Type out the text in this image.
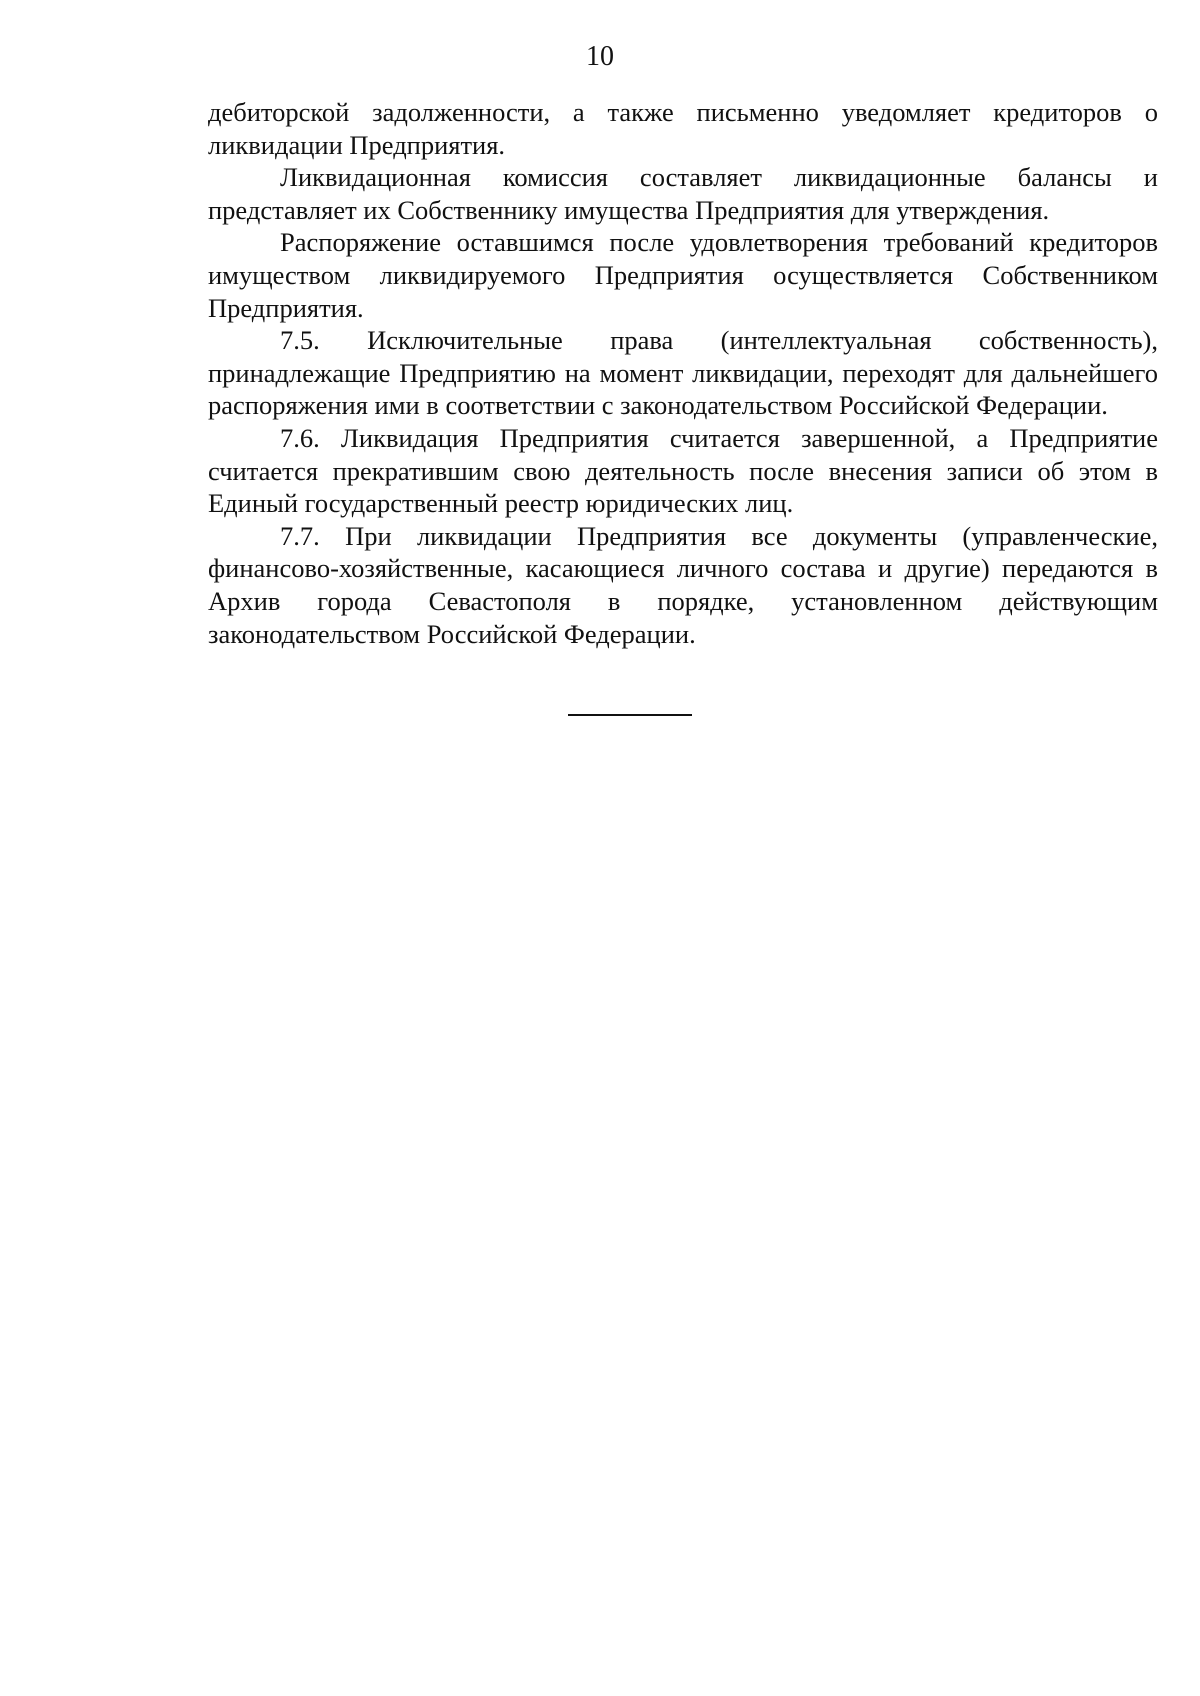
10

дебиторской задолженности, а также письменно уведомляет кредиторов о ликвидации Предприятия.

Ликвидационная комиссия составляет ликвидационные балансы и представляет их Собственнику имущества Предприятия для утверждения.

Распоряжение оставшимся после удовлетворения требований кредиторов имуществом ликвидируемого Предприятия осуществляется Собственником Предприятия.

7.5. Исключительные права (интеллектуальная собственность), принадлежащие Предприятию на момент ликвидации, переходят для дальнейшего распоряжения ими в соответствии с законодательством Российской Федерации.

7.6. Ликвидация Предприятия считается завершенной, а Предприятие считается прекратившим свою деятельность после внесения записи об этом в Единый государственный реестр юридических лиц.

7.7. При ликвидации Предприятия все документы (управленческие, финансово-хозяйственные, касающиеся личного состава и другие) передаются в Архив города Севастополя в порядке, установленном действующим законодательством Российской Федерации.
